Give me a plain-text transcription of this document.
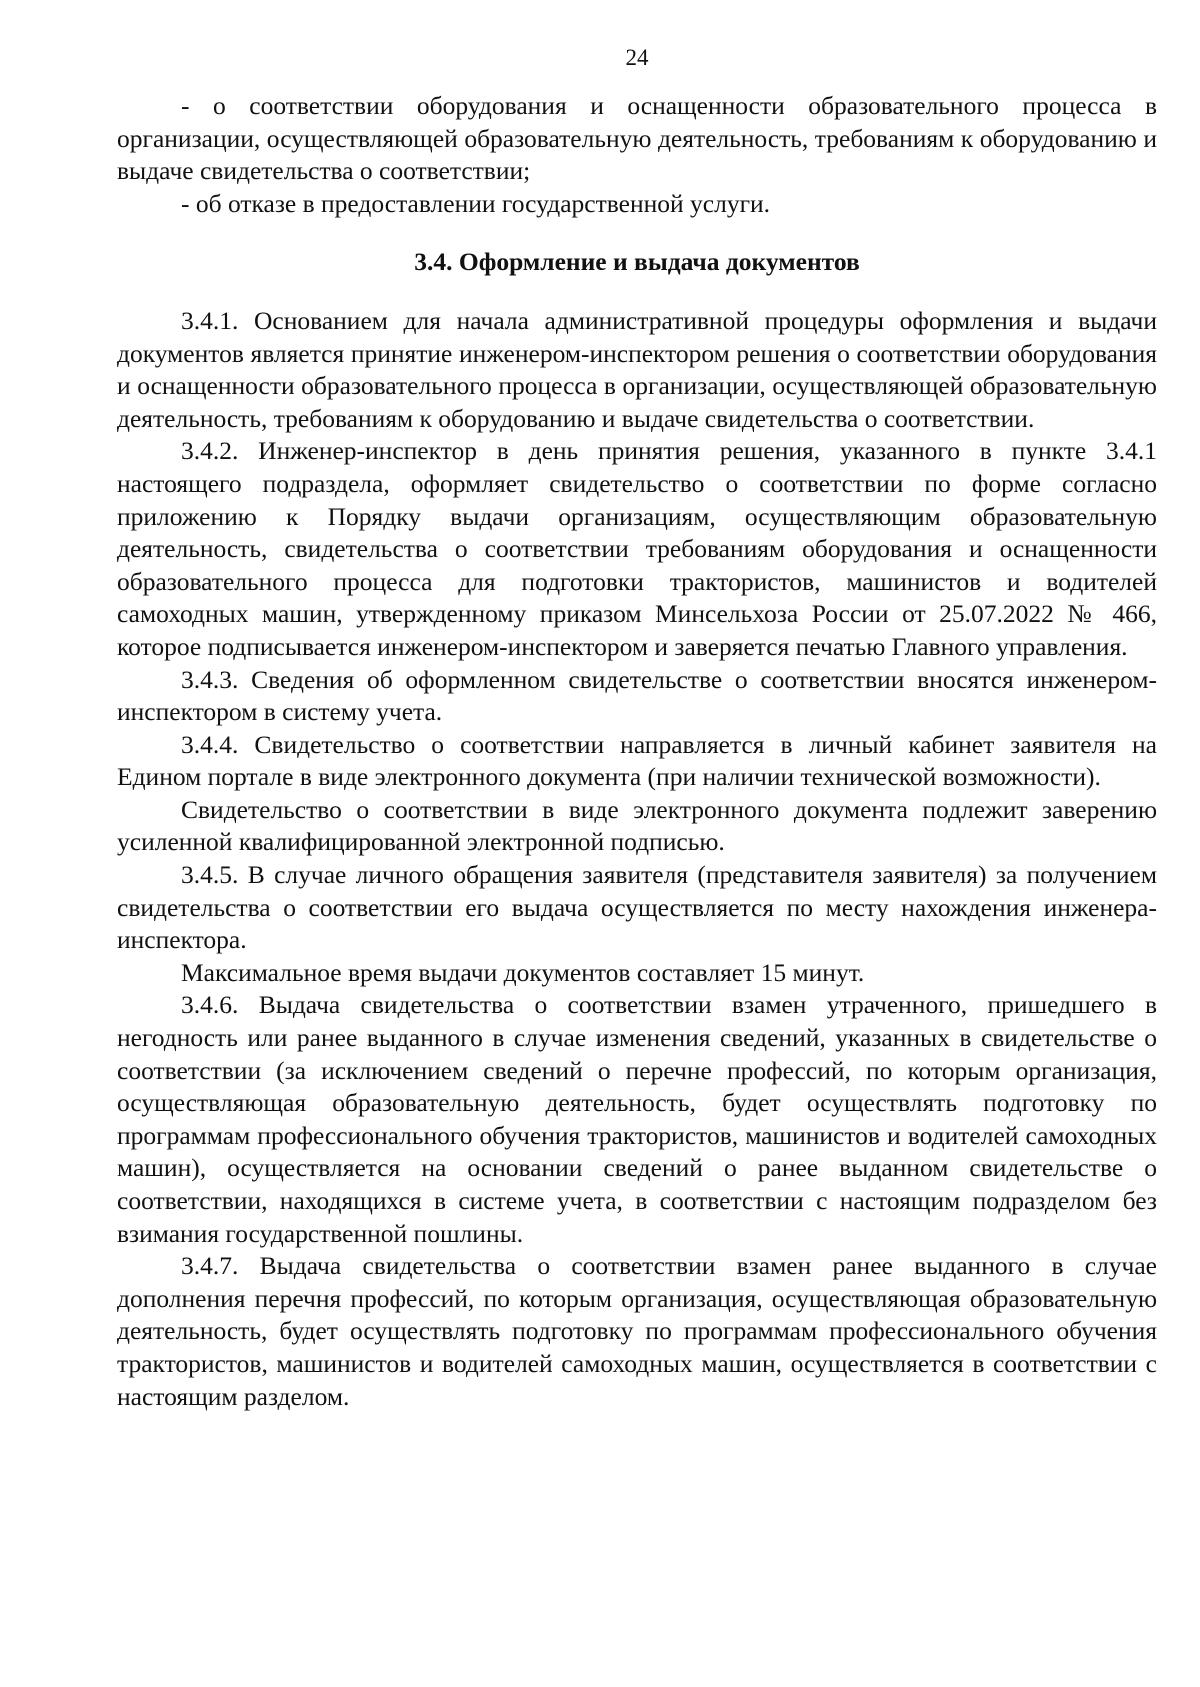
24

- о соответствии оборудования и оснащенности образовательного процесса в организации, осуществляющей образовательную деятельность, требованиям к оборудованию и выдаче свидетельства о соответствии;

- об отказе в предоставлении государственной услуги.

3.4. Оформление и выдача документов

3.4.1. Основанием для начала административной процедуры оформления и выдачи документов является принятие инженером-инспектором решения о соответствии оборудования и оснащенности образовательного процесса в организации, осуществляющей образовательную деятельность, требованиям к оборудованию и выдаче свидетельства о соответствии.

3.4.2. Инженер-инспектор в день принятия решения, указанного в пункте 3.4.1 настоящего подраздела, оформляет свидетельство о соответствии по форме согласно приложению к Порядку выдачи организациям, осуществляющим образовательную деятельность, свидетельства о соответствии требованиям оборудования и оснащенности образовательного процесса для подготовки трактористов, машинистов и водителей самоходных машин, утвержденному приказом Минсельхоза России от 25.07.2022 № 466, которое подписывается инженером-инспектором и заверяется печатью Главного управления.

3.4.3. Сведения об оформленном свидетельстве о соответствии вносятся инженером-инспектором в систему учета.

3.4.4. Свидетельство о соответствии направляется в личный кабинет заявителя на Едином портале в виде электронного документа (при наличии технической возможности).

Свидетельство о соответствии в виде электронного документа подлежит заверению усиленной квалифицированной электронной подписью.

3.4.5. В случае личного обращения заявителя (представителя заявителя) за получением свидетельства о соответствии его выдача осуществляется по месту нахождения инженера-инспектора.

Максимальное время выдачи документов составляет 15 минут.

3.4.6. Выдача свидетельства о соответствии взамен утраченного, пришедшего в негодность или ранее выданного в случае изменения сведений, указанных в свидетельстве о соответствии (за исключением сведений о перечне профессий, по которым организация, осуществляющая образовательную деятельность, будет осуществлять подготовку по программам профессионального обучения трактористов, машинистов и водителей самоходных машин), осуществляется на основании сведений о ранее выданном свидетельстве о соответствии, находящихся в системе учета, в соответствии с настоящим подразделом без взимания государственной пошлины.

3.4.7. Выдача свидетельства о соответствии взамен ранее выданного в случае дополнения перечня профессий, по которым организация, осуществляющая образовательную деятельность, будет осуществлять подготовку по программам профессионального обучения трактористов, машинистов и водителей самоходных машин, осуществляется в соответствии с настоящим разделом.
